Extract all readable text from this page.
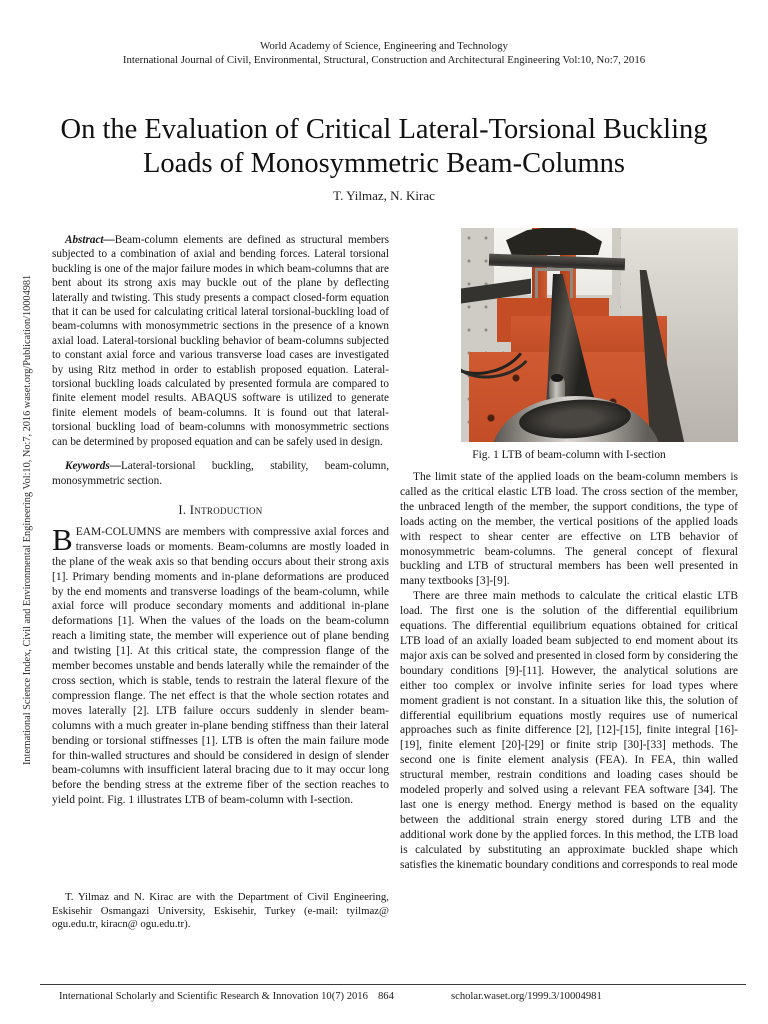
World Academy of Science, Engineering and Technology
International Journal of Civil, Environmental, Structural, Construction and Architectural Engineering Vol:10, No:7, 2016
On the Evaluation of Critical Lateral-Torsional Buckling Loads of Monosymmetric Beam-Columns
T. Yilmaz, N. Kirac
International Science Index, Civil and Environmental Engineering Vol:10, No:7, 2016 waset.org/Publication/10004981

Abstract—Beam-column elements are defined as structural members subjected to a combination of axial and bending forces. Lateral torsional buckling is one of the major failure modes in which beam-columns that are bent about its strong axis may buckle out of the plane by deflecting laterally and twisting. This study presents a compact closed-form equation that it can be used for calculating critical lateral torsional-buckling load of beam-columns with monosymmetric sections in the presence of a known axial load. Lateral-torsional buckling behavior of beam-columns subjected to constant axial force and various transverse load cases are investigated by using Ritz method in order to establish proposed equation. Lateral-torsional buckling loads calculated by presented formula are compared to finite element model results. ABAQUS software is utilized to generate finite element models of beam-columns. It is found out that lateral-torsional buckling load of beam-columns with monosymmetric sections can be determined by proposed equation and can be safely used in design.

Keywords—Lateral-torsional buckling, stability, beam-column, monosymmetric section.

I. Introduction

BEAM-COLUMNS are members with compressive axial forces and transverse loads or moments. Beam-columns are mostly loaded in the plane of the weak axis so that bending occurs about their strong axis [1]. Primary bending moments and in-plane deformations are produced by the end moments and transverse loadings of the beam-column, while axial force will produce secondary moments and additional in-plane deformations [1]. When the values of the loads on the beam-column reach a limiting state, the member will experience out of plane bending and twisting [1]. At this critical state, the compression flange of the member becomes unstable and bends laterally while the remainder of the cross section, which is stable, tends to restrain the lateral flexure of the compression flange. The net effect is that the whole section rotates and moves laterally [2]. LTB failure occurs suddenly in slender beam-columns with a much greater in-plane bending stiffness than their lateral bending or torsional stiffnesses [1]. LTB is often the main failure mode for thin-walled structures and should be considered in design of slender beam-columns with insufficient lateral bracing due to it may occur long before the bending stress at the extreme fiber of the section reaches to yield point. Fig. 1 illustrates LTB of beam-column with I-section.

T. Yilmaz and N. Kirac are with the Department of Civil Engineering, Eskisehir Osmangazi University, Eskisehir, Turkey (e-mail: tyilmaz@ ogu.edu.tr, kiracn@ ogu.edu.tr).

Fig. 1 LTB of beam-column with I-section

The limit state of the applied loads on the beam-column members is called as the critical elastic LTB load. The cross section of the member, the unbraced length of the member, the support conditions, the type of loads acting on the member, the vertical positions of the applied loads with respect to shear center are effective on LTB behavior of monosymmetric beam-columns. The general concept of flexural buckling and LTB of structural members has been well presented in many textbooks [3]-[9].

There are three main methods to calculate the critical elastic LTB load. The first one is the solution of the differential equilibrium equations. The differential equilibrium equations obtained for critical LTB load of an axially loaded beam subjected to end moment about its major axis can be solved and presented in closed form by considering the boundary conditions [9]-[11]. However, the analytical solutions are either too complex or involve infinite series for load types where moment gradient is not constant. In a situation like this, the solution of differential equilibrium equations mostly requires use of numerical approaches such as finite difference [2], [12]-[15], finite integral [16]-[19], finite element [20]-[29] or finite strip [30]-[33] methods. The second one is finite element analysis (FEA). In FEA, thin walled structural member, restrain conditions and loading cases should be modeled properly and solved using a relevant FEA software [34]. The last one is energy method. Energy method is based on the equality between the additional strain energy stored during LTB and the additional work done by the applied forces. In this method, the LTB load is calculated by substituting an approximate buckled shape which satisfies the kinematic boundary conditions and corresponds to real mode

International Scholarly and Scientific Research & Innovation 10(7) 2016 864	scholar.waset.org/1999.3/10004981
